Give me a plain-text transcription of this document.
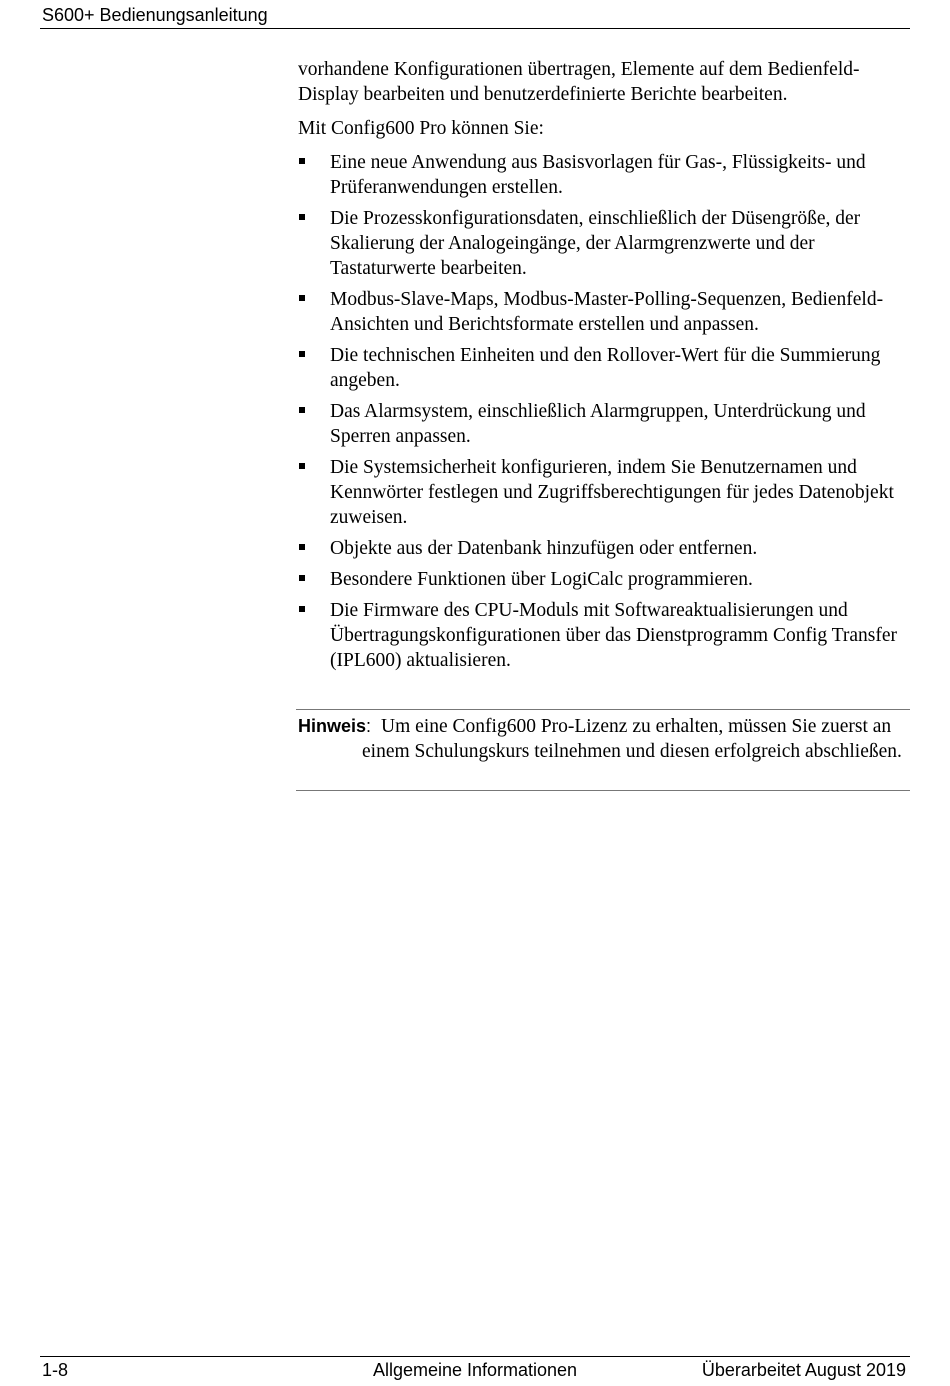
S600+ Bedienungsanleitung

vorhandene Konfigurationen übertragen, Elemente auf dem Bedienfeld-Display bearbeiten und benutzerdefinierte Berichte bearbeiten.

Mit Config600 Pro können Sie:

Eine neue Anwendung aus Basisvorlagen für Gas-, Flüssigkeits- und Prüferanwendungen erstellen.
Die Prozesskonfigurationsdaten, einschließlich der Düsengröße, der Skalierung der Analogeingänge, der Alarmgrenzwerte und der Tastaturwerte bearbeiten.
Modbus-Slave-Maps, Modbus-Master-Polling-Sequenzen, Bedienfeld-Ansichten und Berichtsformate erstellen und anpassen.
Die technischen Einheiten und den Rollover-Wert für die Summierung angeben.
Das Alarmsystem, einschließlich Alarmgruppen, Unterdrückung und Sperren anpassen.
Die Systemsicherheit konfigurieren, indem Sie Benutzernamen und Kennwörter festlegen und Zugriffsberechtigungen für jedes Datenobjekt zuweisen.
Objekte aus der Datenbank hinzufügen oder entfernen.
Besondere Funktionen über LogiCalc programmieren.
Die Firmware des CPU-Moduls mit Softwareaktualisierungen und Übertragungskonfigurationen über das Dienstprogramm Config Transfer (IPL600) aktualisieren.
Hinweis: Um eine Config600 Pro-Lizenz zu erhalten, müssen Sie zuerst an einem Schulungskurs teilnehmen und diesen erfolgreich abschließen.
1-8	Allgemeine Informationen	Überarbeitet August 2019
